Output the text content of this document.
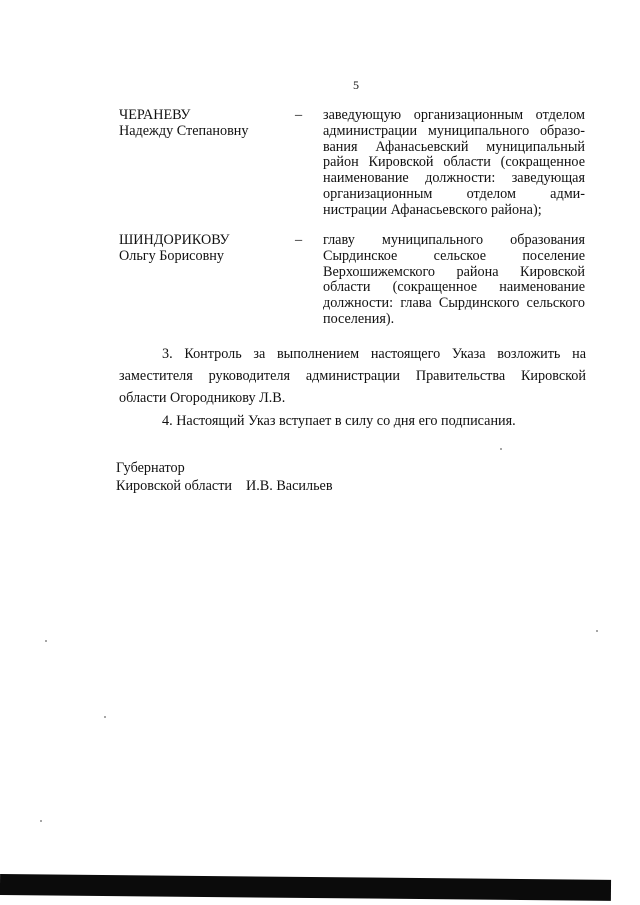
5
ЧЕРАНЕВУ
Надежду Степановну
– заведующую организационным отделом администрации муниципального образо-вания Афанасьевский муниципальный район Кировской области (сокращенное наименование должности: заведующая организационным отделом адми-нистрации Афанасьевского района);
ШИНДОРИКОВУ
Ольгу Борисовну
– главу муниципального образования Сырдинское сельское поселение Верхошижемского района Кировской области (сокращенное наименование должности: глава Сырдинского сельского поселения).

3. Контроль за выполнением настоящего Указа возложить на заместителя руководителя администрации Правительства Кировской области Огородникову Л.В.

4. Настоящий Указ вступает в силу со дня его подписания.

Губернатор
Кировской области И.В. Васильев
